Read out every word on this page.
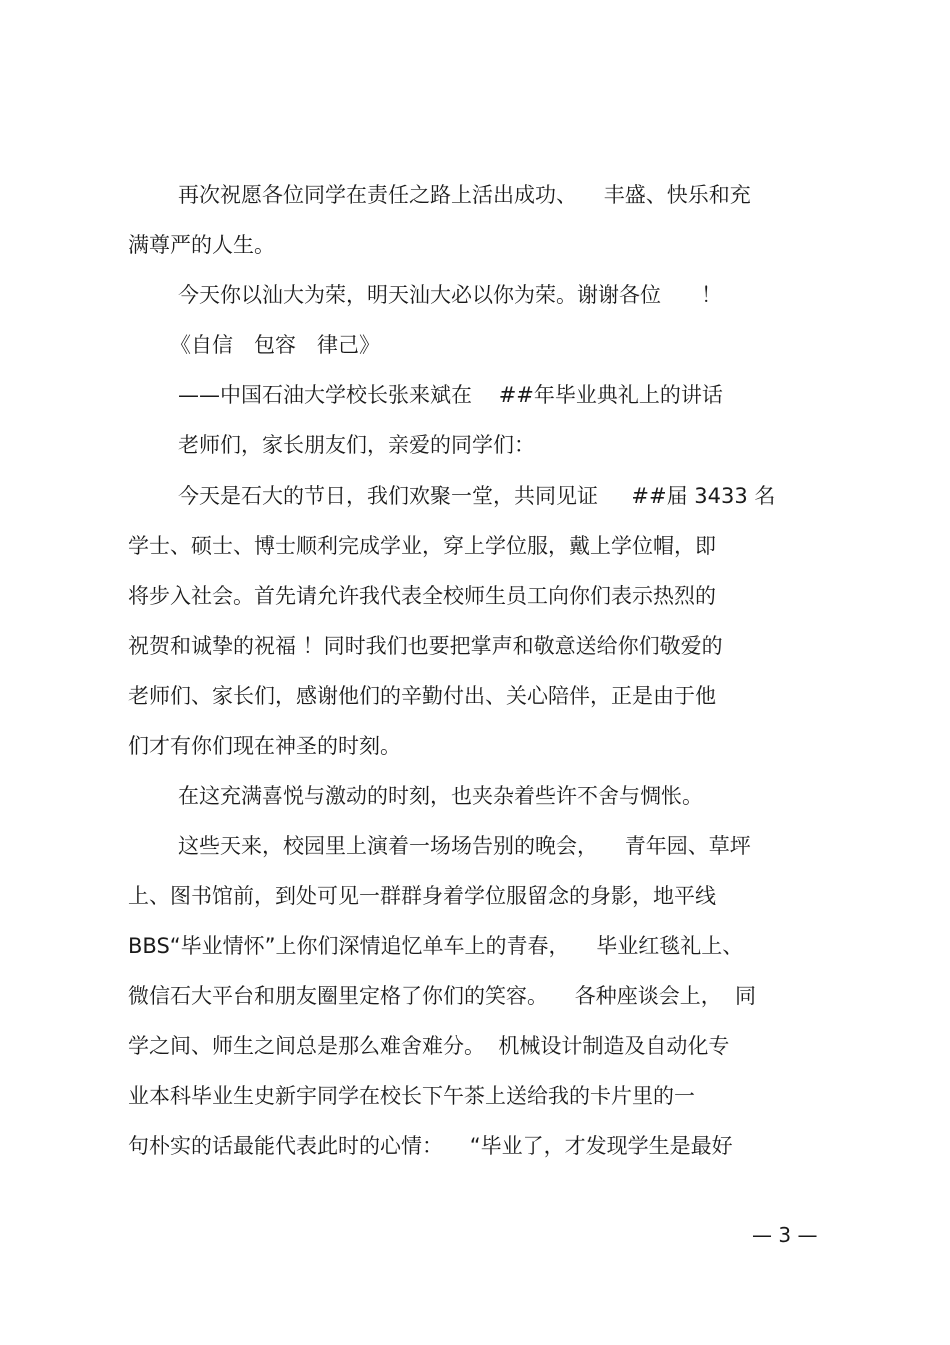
再次祝愿各位同学在责任之路上活出成功、    丰盛、快乐和充
满尊严的人生。
今天你以汕大为荣，明天汕大必以你为荣。谢谢各位      ！
《自信　包容　律己》
——中国石油大学校长张来斌在    ##年毕业典礼上的讲话
老师们，家长朋友们，亲爱的同学们：
今天是石大的节日，我们欢聚一堂，共同见证     ##届 3433 名
学士、硕士、博士顺利完成学业，穿上学位服，戴上学位帽，即
将步入社会。首先请允许我代表全校师生员工向你们表示热烈的
祝贺和诚挚的祝福 ！同时我们也要把掌声和敬意送给你们敬爱的
老师们、家长们，感谢他们的辛勤付出、关心陪伴，正是由于他
们才有你们现在神圣的时刻。
在这充满喜悦与激动的时刻，也夹杂着些许不舍与惆怅。
这些天来，校园里上演着一场场告别的晚会，    青年园、草坪
上、图书馆前，到处可见一群群身着学位服留念的身影，地平线
BBS“毕业情怀”上你们深情追忆单车上的青春，    毕业红毯礼上、
微信石大平台和朋友圈里定格了你们的笑容。    各种座谈会上，  同
学之间、师生之间总是那么难舍难分。  机械设计制造及自动化专
业本科毕业生史新宇同学在校长下午茶上送给我的卡片里的一
句朴实的话最能代表此时的心情：    “毕业了，才发现学生是最好
— 3 —
